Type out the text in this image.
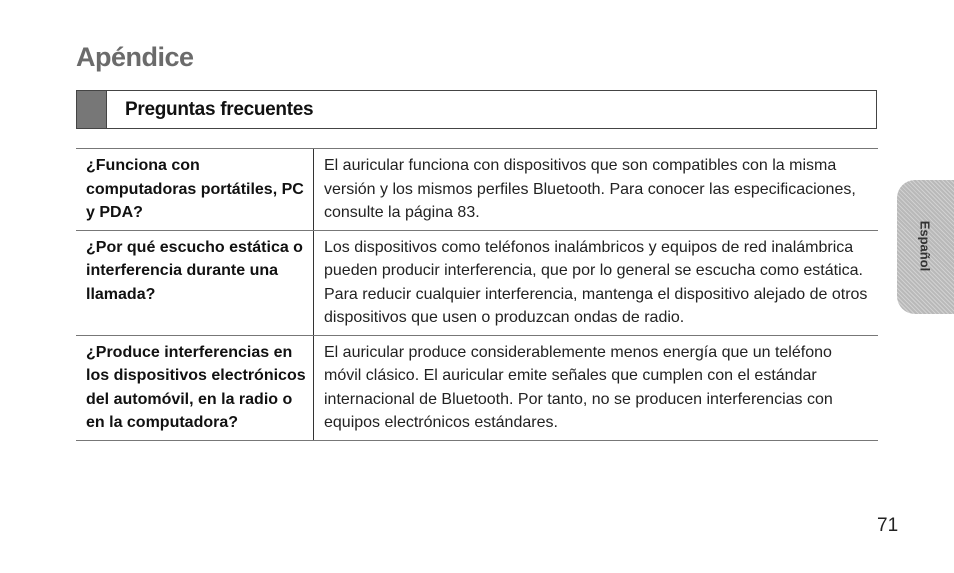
Apéndice
Preguntas frecuentes
¿Funciona con computadoras portátiles, PC y PDA?
El auricular funciona con dispositivos que son compatibles con la misma versión y los mismos perfiles Bluetooth. Para conocer las especificaciones, consulte la página 83.
¿Por qué escucho estática o interferencia durante una llamada?
Los dispositivos como teléfonos inalámbricos y equipos de red inalámbrica pueden producir interferencia, que por lo general se escucha como estática. Para reducir cualquier interferencia, mantenga el dispositivo alejado de otros dispositivos que usen o produzcan ondas de radio.
¿Produce interferencias en los dispositivos electrónicos del automóvil, en la radio o en la computadora?
El auricular produce considerablemente menos energía que un teléfono móvil clásico. El auricular emite señales que cumplen con el estándar internacional de Bluetooth. Por tanto, no se producen interferencias con equipos electrónicos estándares.
Español
71
